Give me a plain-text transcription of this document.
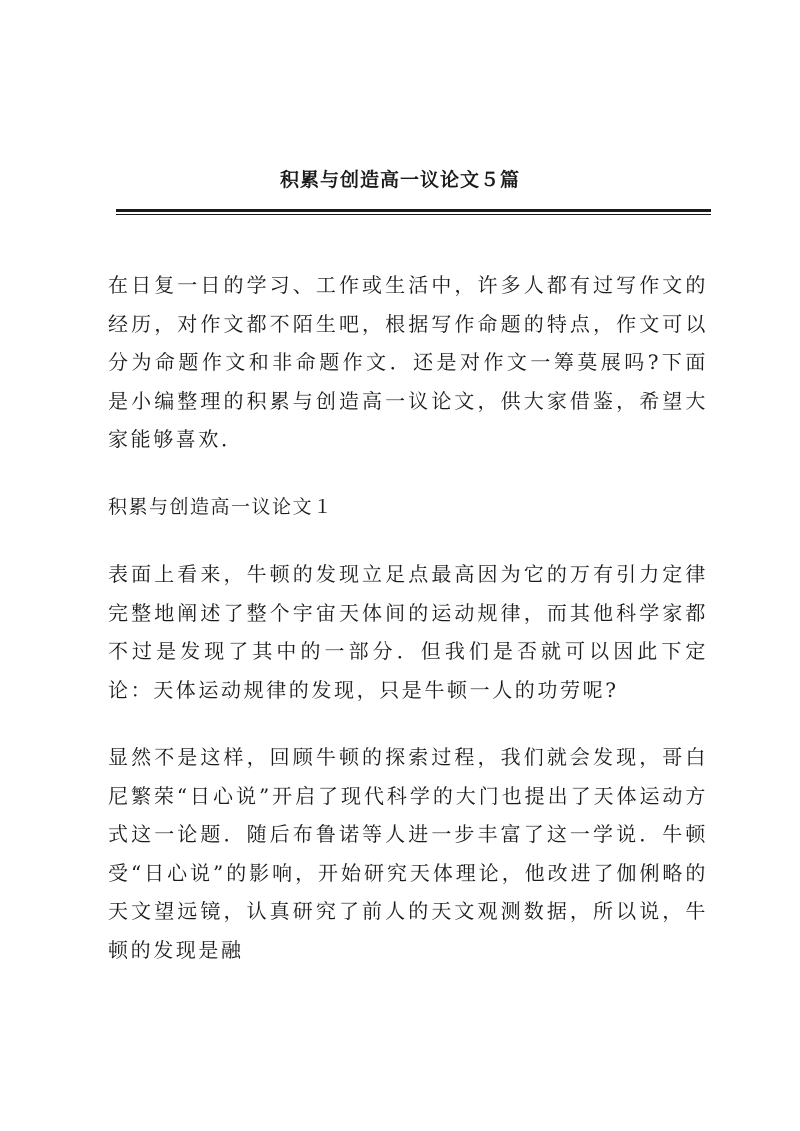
积累与创造高一议论文５篇

在日复一日的学习、工作或生活中，许多人都有过写作文的经历，对作文都不陌生吧，根据写作命题的特点，作文可以分为命题作文和非命题作文．还是对作文一筹莫展吗?下面是小编整理的积累与创造高一议论文，供大家借鉴，希望大家能够喜欢．

积累与创造高一议论文１

表面上看来，牛顿的发现立足点最高因为它的万有引力定律完整地阐述了整个宇宙天体间的运动规律，而其他科学家都不过是发现了其中的一部分．但我们是否就可以因此下定论：天体运动规律的发现，只是牛顿一人的功劳呢?

显然不是这样，回顾牛顿的探索过程，我们就会发现，哥白尼繁荣“日心说”开启了现代科学的大门也提出了天体运动方式这一论题．随后布鲁诺等人进一步丰富了这一学说．牛顿受“日心说”的影响，开始研究天体理论，他改进了伽俐略的天文望远镜，认真研究了前人的天文观测数据，所以说，牛顿的发现是融
